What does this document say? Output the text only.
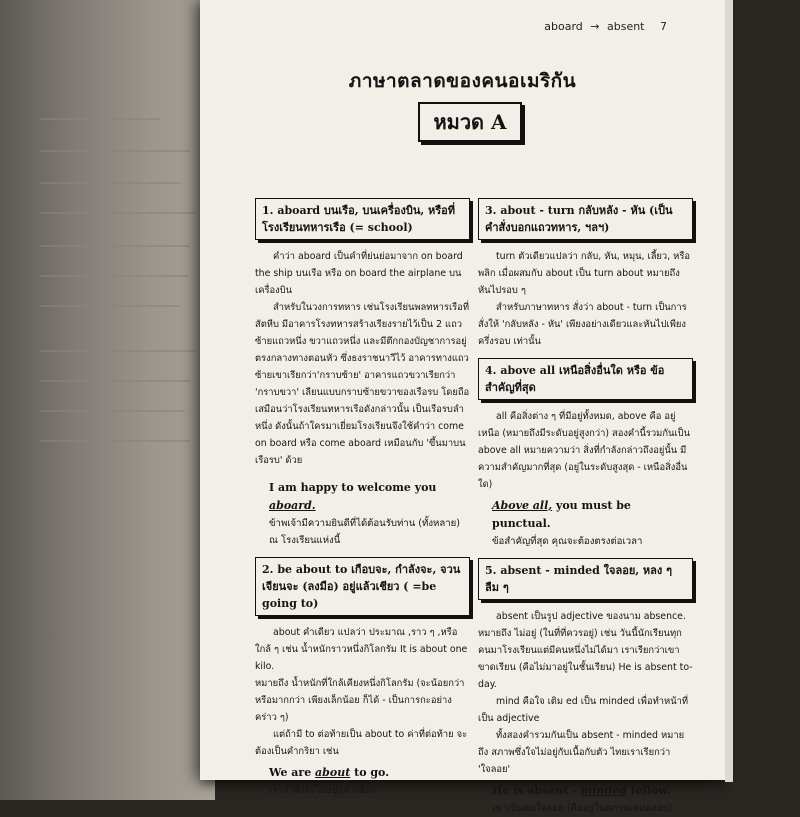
aboard → absent 7
ภาษาตลาดของคนอเมริกัน
หมวด A
1. aboard บนเรือ, บนเครื่องบิน, หรือที่โรงเรียนทหารเรือ (= school)

คำว่า aboard เป็นคำที่ย่นย่อมาจาก on board the ship บนเรือ หรือ on board the airplane บนเครื่องบิน

สำหรับในวงการทหาร เช่นโรงเรียนพลทหารเรือที่สัตหีบ มีอาคารโรงทหารสร้างเรียงรายไว้เป็น 2 แถว ซ้ายแถวหนึ่ง ขวาแถวหนึ่ง และมีตึกกองบัญชาการอยู่ตรงกลางทางตอนหัว ซึ่งธงราชนาวีไว้ อาคารทางแถวซ้ายเขาเรียกว่า'กราบซ้าย' อาคารแถวขวาเรียกว่า 'กราบขวา' เลียนแบบกราบซ้ายขวาของเรือรบ โดยถือเสมือนว่าโรงเรียนทหารเรือดังกล่าวนั้น เป็นเรือรบลำหนึ่ง ดังนั้นถ้าใครมาเยี่ยมโรงเรียนจึงใช้คำว่า come on board หรือ come aboard เหมือนกับ 'ขึ้นมาบนเรือรบ' ด้วย

I am happy to welcome you aboard.

ข้าพเจ้ามีความยินดีที่ได้ต้อนรับท่าน (ทั้งหลาย) ณ โรงเรียนแห่งนี้

2. be about to เกือบจะ, กำลังจะ, จวนเจียนจะ (ลงมือ) อยู่แล้วเชียว ( =be going to)

about คำเดียว แปลว่า ประมาณ ,ราว ๆ ,หรือใกล้ ๆ เช่น น้ำหนักราวหนึ่งกิโลกรัม It is about one kilo.

หมายถึง น้ำหนักที่ใกล้เคียงหนึ่งกิโลกรัม (จะน้อยกว่าหรือมากกว่า เพียงเล็กน้อย ก็ได้ - เป็นการกะอย่างคร่าว ๆ)

แต่ถ้ามี to ต่อท้ายเป็น about to ค่าที่ต่อท้าย จะต้องเป็นคำกริยา เช่น

We are about to go.

เรากำลังจะไปอยู่แล้วเชียว

3. about - turn กลับหลัง - หัน (เป็นคำสั่งบอกแถวทหาร, ฯลฯ)

turn ตัวเดียวแปลว่า กลับ, หัน, หมุน, เลี้ยว, หรือพลิก เมื่อผสมกับ about เป็น turn about หมายถึง หันไปรอบ ๆ

สำหรับภาษาทหาร สั่งว่า about - turn เป็นการสั่งให้ 'กลับหลัง - หัน' เพียงอย่างเดียวและหันไปเพียงครึ่งรอบ เท่านั้น

4. above all เหนือสิ่งอื่นใด หรือ ข้อสำคัญที่สุด

all คือสิ่งต่าง ๆ ที่มีอยู่ทั้งหมด, above คือ อยู่เหนือ (หมายถึงมีระดับอยู่สูงกว่า) สองคำนี้รวมกันเป็น above all หมายความว่า สิ่งที่กำลังกล่าวถึงอยู่นั้น มีความสำคัญมากที่สุด (อยู่ในระดับสูงสุด - เหนือสิ่งอื่นใด)

Above all, you must be punctual.

ข้อสำคัญที่สุด คุณจะต้องตรงต่อเวลา

5. absent - minded ใจลอย, หลง ๆ ลืม ๆ

absent เป็นรูป adjective ของนาม absence. หมายถึง ไม่อยู่ (ในที่ที่ควรอยู่) เช่น วันนี้นักเรียนทุกคนมาโรงเรียนแต่มีคนหนึ่งไม่ได้มา เราเรียกว่าเขาขาดเรียน (คือไม่มาอยู่ในชั้นเรียน) He is absent to-day.

mind คือใจ เติม ed เป็น minded เพื่อทำหน้าที่เป็น adjective

ทั้งสองคำรวมกันเป็น absent - minded หมายถึง สภาพซึ่งใจไม่อยู่กับเนื้อกับตัว ไทยเราเรียกว่า 'ใจลอย'

He is absent - minded fellow.

เขาเป็นคนใจลอย (คืออยู่ในสภาพเหม่อลอย)
